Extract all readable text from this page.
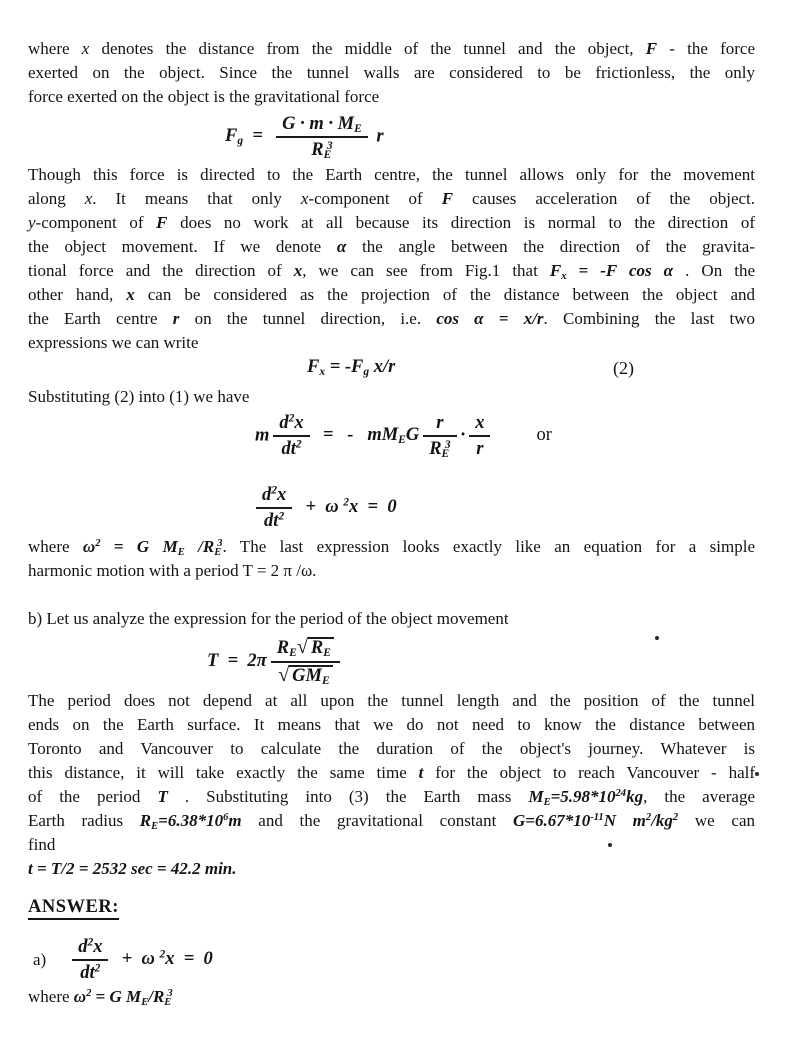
where x denotes the distance from the middle of the tunnel and the object, F - the force
exerted on the object. Since the tunnel walls are considered to be frictionless, the only
force exerted on the object is the gravitational force
$F_g = \frac{G \cdot m \cdot M_E}{R_E^3}$ r
Though this force is directed to the Earth centre, the tunnel allows only for the movement
along x. It means that only x-component of F causes acceleration of the object.
y-component of F does no work at all because its direction is normal to the direction of
the object movement. If we denote α the angle between the direction of the gravita-
tional force and the direction of x, we can see from Fig.1 that $F_x = -F$ cos α . On the
other hand, x can be considered as the projection of the distance between the object and
the Earth centre r on the tunnel direction, i.e. cos α = x/r. Combining the last two
expressions we can write
$F_x = -F_g$ x/r	(2)
Substituting (2) into (1) we have
m $\frac{d^2x}{dt^2}$ =   -   $mM_EG \frac{r}{R_E^3} \cdot \frac{x}{r}$ or
$\frac{d^2x}{dt^2} + \omega$ $^2$x  =  0
where $\omega^2 = G$ $M_E$ $/R_E^3$. The last expression looks exactly like an equation for a simple
harmonic motion with a period T = 2 π /ω.
b) Let us analyze the expression for the period of the object movement
$T = 2\pi \frac{R_E√ R_E}{√ GM_E}$
The period does not depend at all upon the tunnel length and the position of the tunnel
ends on the Earth surface. It means that we do not need to know the distance between
Toronto and Vancouver to calculate the duration of the object's journey. Whatever is
this distance, it will take exactly the same time t for the object to reach Vancouver - half
of the period T . Substituting into (3) the Earth mass $M_E=5.98*10^{24}kg$, the average
Earth radius $R_E=6.38*10^6m$ and the gravitational constant $G=6.67*10^{-11}N$ $m^2/kg^2$ we can
find
t = T/2 = 2532 sec = 42.2 min.
ANSWER:
$a) \frac{d^2x}{dt^2} + \omega$ $^2$x  =  0
where $\omega^2 = G$ $M_E/R_E^3$
